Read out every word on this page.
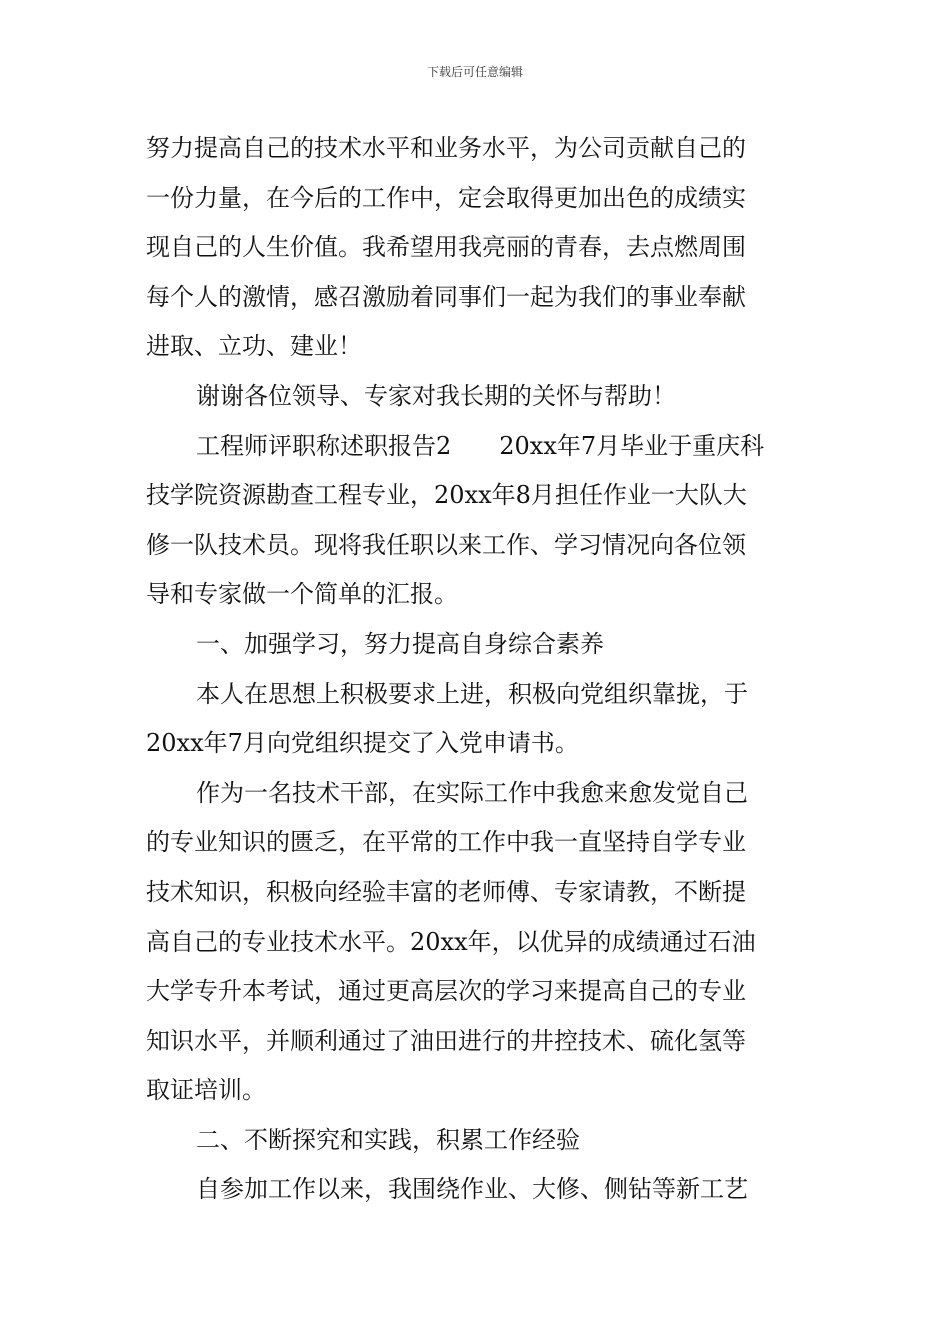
下载后可任意编辑
努力提高自己的技术水平和业务水平，为公司贡献自己的
一份力量，在今后的工作中，定会取得更加出色的成绩实
现自己的人生价值。我希望用我亮丽的青春，去点燃周围
每个人的激情，感召激励着同事们一起为我们的事业奉献
进取、立功、建业！
谢谢各位领导、专家对我长期的关怀与帮助！
工程师评职称述职报告2　　20xx年7月毕业于重庆科
技学院资源勘查工程专业，20xx年8月担任作业一大队大
修一队技术员。现将我任职以来工作、学习情况向各位领
导和专家做一个简单的汇报。
一、加强学习，努力提高自身综合素养
本人在思想上积极要求上进，积极向党组织靠拢，于
20xx年7月向党组织提交了入党申请书。
作为一名技术干部，在实际工作中我愈来愈发觉自己
的专业知识的匮乏，在平常的工作中我一直坚持自学专业
技术知识，积极向经验丰富的老师傅、专家请教，不断提
高自己的专业技术水平。20xx年，以优异的成绩通过石油
大学专升本考试，通过更高层次的学习来提高自己的专业
知识水平，并顺利通过了油田进行的井控技术、硫化氢等
取证培训。
二、不断探究和实践，积累工作经验
自参加工作以来，我围绕作业、大修、侧钻等新工艺
